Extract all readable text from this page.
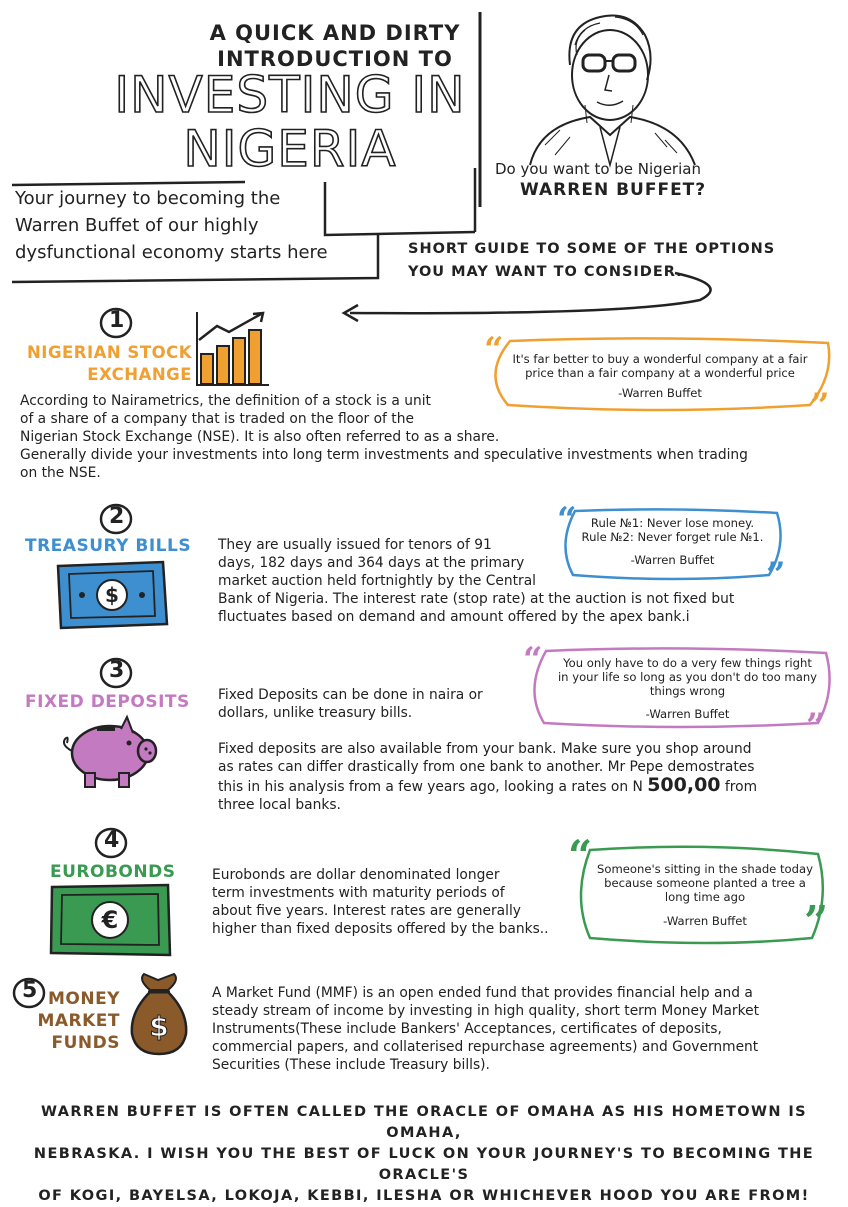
A QUICK AND DIRTY
INTRODUCTION TO
INVESTING IN
NIGERIA	Do you want to be Nigerian
WARREN BUFFET?
Your journey to becoming the
Warren Buffet of our highly
dysfunctional economy starts here	SHORT GUIDE TO SOME OF THE OPTIONS
YOU MAY WANT TO CONSIDER.
1
NIGERIAN STOCK
EXCHANGE
According to Nairametrics, the definition of a stock is a unit
of a share of a company that is traded on the floor of the
Nigerian Stock Exchange (NSE). It is also often referred to as a share.
Generally divide your investments into long term investments and speculative investments when trading
on the NSE.
“
”
It's far better to buy a wonderful company at a fair
price than a fair company at a wonderful price
-Warren Buffet
2
TREASURY BILLS
$
They are usually issued for tenors of 91
days, 182 days and 364 days at the primary
market auction held fortnightly by the Central
Bank of Nigeria. The interest rate (stop rate) at the auction is not fixed but
fluctuates based on demand and amount offered by the apex bank.i
“
”
Rule №1: Never lose money.
Rule №2: Never forget rule №1.
-Warren Buffet
3
FIXED DEPOSITS Fixed Deposits can be done in naira or
dollars, unlike treasury bills.
Fixed deposits are also available from your bank. Make sure you shop around
as rates can differ drastically from one bank to another. Mr Pepe demostrates
this in his analysis from a few years ago, looking a rates on N 500,00 from
three local banks.
“
”
You only have to do a very few things right
in your life so long as you don't do too many
things wrong
-Warren Buffet
4
EUROBONDS
€
Eurobonds are dollar denominated longer
term investments with maturity periods of
about five years. Interest rates are generally
higher than fixed deposits offered by the banks..
“
”
Someone's sitting in the shade today
because someone planted a tree a
long time ago
-Warren Buffet
5 MONEY
MARKET
FUNDS $
A Market Fund (MMF) is an open ended fund that provides financial help and a
steady stream of income by investing in high quality, short term Money Market
Instruments(These include Bankers' Acceptances, certificates of deposits,
commercial papers, and collaterised repurchase agreements) and Government
Securities (These include Treasury bills).
WARREN BUFFET IS OFTEN CALLED THE ORACLE OF OMAHA AS HIS HOMETOWN IS OMAHA,
NEBRASKA. I WISH YOU THE BEST OF LUCK ON YOUR JOURNEY'S TO BECOMING THE ORACLE'S
OF KOGI, BAYELSA, LOKOJA, KEBBI, ILESHA OR WHICHEVER HOOD YOU ARE FROM!
